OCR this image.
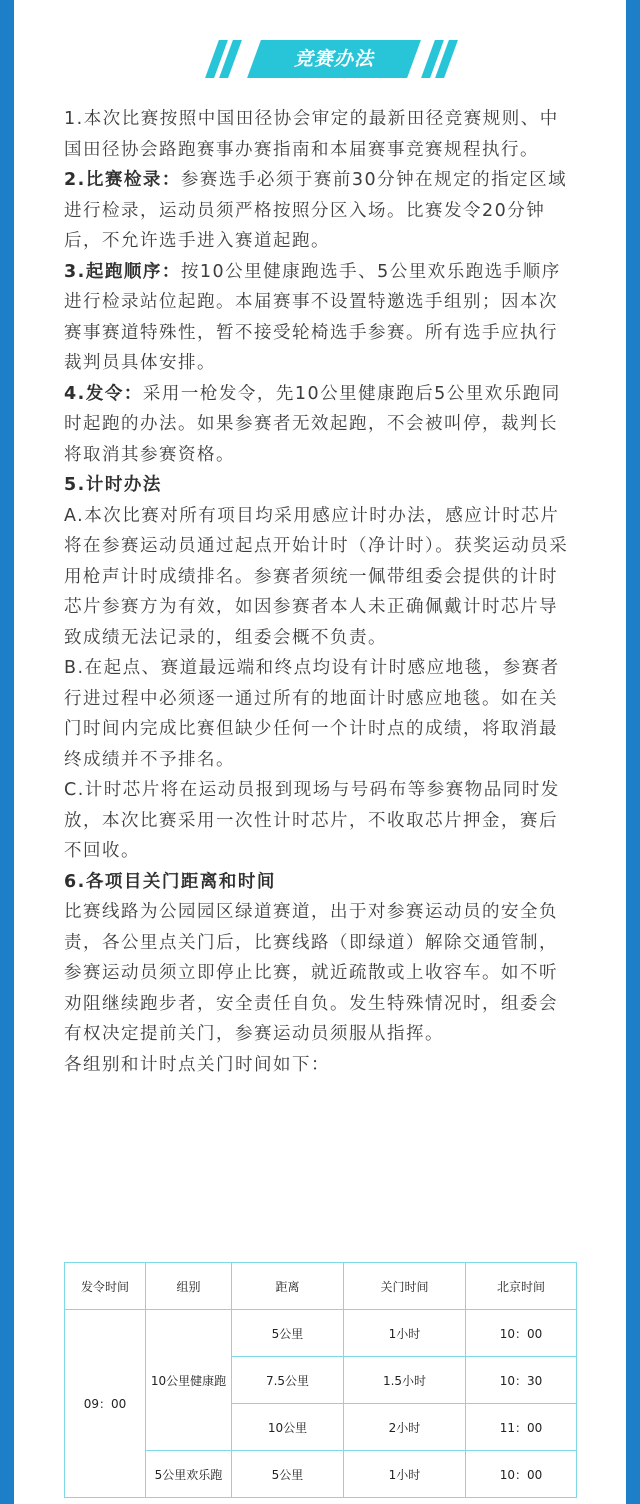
竞赛办法

1.本次比赛按照中国田径协会审定的最新田径竞赛规则、中国田径协会路跑赛事办赛指南和本届赛事竞赛规程执行。

2.比赛检录：参赛选手必须于赛前30分钟在规定的指定区域进行检录，运动员须严格按照分区入场。比赛发令20分钟后，不允许选手进入赛道起跑。

3.起跑顺序：按10公里健康跑选手、5公里欢乐跑选手顺序进行检录站位起跑。本届赛事不设置特邀选手组别；因本次赛事赛道特殊性，暂不接受轮椅选手参赛。所有选手应执行裁判员具体安排。

4.发令：采用一枪发令，先10公里健康跑后5公里欢乐跑同时起跑的办法。如果参赛者无效起跑，不会被叫停，裁判长将取消其参赛资格。

5.计时办法

A.本次比赛对所有项目均采用感应计时办法，感应计时芯片将在参赛运动员通过起点开始计时（净计时）。获奖运动员采用枪声计时成绩排名。参赛者须统一佩带组委会提供的计时芯片参赛方为有效，如因参赛者本人未正确佩戴计时芯片导致成绩无法记录的，组委会概不负责。

B.在起点、赛道最远端和终点均设有计时感应地毯，参赛者行进过程中必须逐一通过所有的地面计时感应地毯。如在关门时间内完成比赛但缺少任何一个计时点的成绩，将取消最终成绩并不予排名。

C.计时芯片将在运动员报到现场与号码布等参赛物品同时发放，本次比赛采用一次性计时芯片，不收取芯片押金，赛后不回收。

6.各项目关门距离和时间

比赛线路为公园园区绿道赛道，出于对参赛运动员的安全负责，各公里点关门后，比赛线路（即绿道）解除交通管制，参赛运动员须立即停止比赛，就近疏散或上收容车。如不听劝阻继续跑步者，安全责任自负。发生特殊情况时，组委会有权决定提前关门，参赛运动员须服从指挥。

各组别和计时点关门时间如下：

发令时间	组别	距离	关门时间	北京时间
09：00	10公里健康跑	5公里	1小时	10：00
		7.5公里	1.5小时	10：30
		10公里	2小时	11：00
	5公里欢乐跑	5公里	1小时	10：00
